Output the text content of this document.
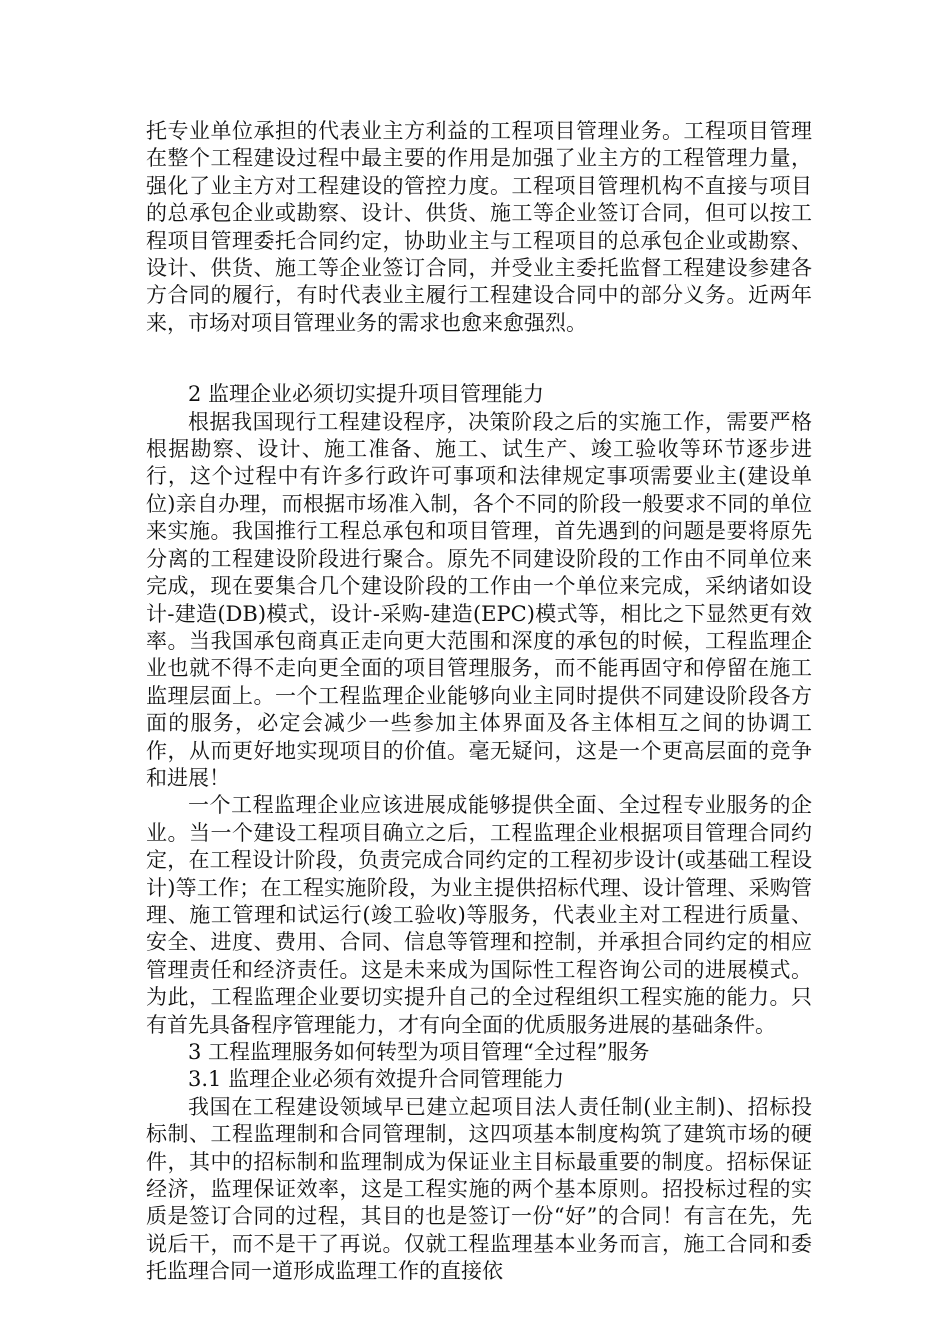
托专业单位承担的代表业主方利益的工程项目管理业务。工程项目管理在整个工程建设过程中最主要的作用是加强了业主方的工程管理力量，强化了业主方对工程建设的管控力度。工程项目管理机构不直接与项目的总承包企业或勘察、设计、供货、施工等企业签订合同，但可以按工程项目管理委托合同约定，协助业主与工程项目的总承包企业或勘察、设计、供货、施工等企业签订合同，并受业主委托监督工程建设参建各方合同的履行，有时代表业主履行工程建设合同中的部分义务。近两年来，市场对项目管理业务的需求也愈来愈强烈。

2 监理企业必须切实提升项目管理能力

根据我国现行工程建设程序，决策阶段之后的实施工作，需要严格根据勘察、设计、施工准备、施工、试生产、竣工验收等环节逐步进行，这个过程中有许多行政许可事项和法律规定事项需要业主(建设单位)亲自办理，而根据市场准入制，各个不同的阶段一般要求不同的单位来实施。我国推行工程总承包和项目管理，首先遇到的问题是要将原先分离的工程建设阶段进行聚合。原先不同建设阶段的工作由不同单位来完成，现在要集合几个建设阶段的工作由一个单位来完成，采纳诸如设计-建造(DB)模式，设计-采购-建造(EPC)模式等，相比之下显然更有效率。当我国承包商真正走向更大范围和深度的承包的时候，工程监理企业也就不得不走向更全面的项目管理服务，而不能再固守和停留在施工监理层面上。一个工程监理企业能够向业主同时提供不同建设阶段各方面的服务，必定会减少一些参加主体界面及各主体相互之间的协调工作，从而更好地实现项目的价值。毫无疑问，这是一个更高层面的竞争和进展！

一个工程监理企业应该进展成能够提供全面、全过程专业服务的企业。当一个建设工程项目确立之后，工程监理企业根据项目管理合同约定，在工程设计阶段，负责完成合同约定的工程初步设计(或基础工程设计)等工作；在工程实施阶段，为业主提供招标代理、设计管理、采购管理、施工管理和试运行(竣工验收)等服务，代表业主对工程进行质量、安全、进度、费用、合同、信息等管理和控制，并承担合同约定的相应管理责任和经济责任。这是未来成为国际性工程咨询公司的进展模式。为此，工程监理企业要切实提升自己的全过程组织工程实施的能力。只有首先具备程序管理能力，才有向全面的优质服务进展的基础条件。

3 工程监理服务如何转型为项目管理“全过程”服务

3.1 监理企业必须有效提升合同管理能力

我国在工程建设领域早已建立起项目法人责任制(业主制)、招标投标制、工程监理制和合同管理制，这四项基本制度构筑了建筑市场的硬件，其中的招标制和监理制成为保证业主目标最重要的制度。招标保证经济，监理保证效率，这是工程实施的两个基本原则。招投标过程的实质是签订合同的过程，其目的也是签订一份“好”的合同！有言在先，先说后干，而不是干了再说。仅就工程监理基本业务而言，施工合同和委托监理合同一道形成监理工作的直接依
